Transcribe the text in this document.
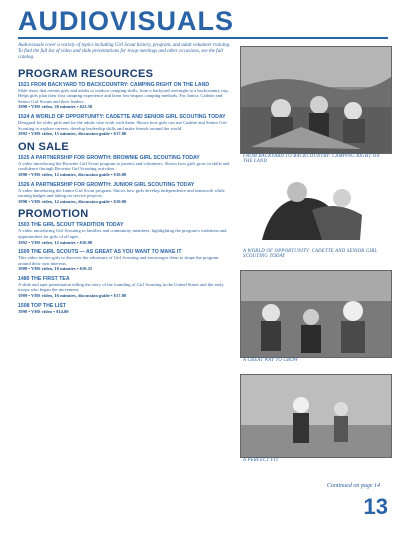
AUDIOVISUALS

Audiovisuals cover a variety of topics including Girl Scout history, program, and adult volunteer training. To find the full list of video and slide presentations for troop meetings and other occasions, see the full catalog.

PROGRAM RESOURCES
1521 FROM BACKYARD TO BACKCOUNTRY: CAMPING RIGHT ON THE LAND
Slide show that orients girls and adults to outdoor camping skills, from a backyard overnight to a backcountry trip. Helps girls plan their first camping experience and learn low-impact camping methods. For Junior, Cadette and Senior Girl Scouts and their leaders.
1990 • VHS video, 20 minutes • $22.50
1524 A WORLD OF OPPORTUNITY: CADETTE AND SENIOR GIRL SCOUTING TODAY
Designed for older girls and for the adults who work with them. Shows how girls can use Cadette and Senior Girl Scouting to explore careers, develop leadership skills and make friends around the world.
1992 • VHS video, 15 minutes, discussion guide • $17.00
ON SALE
1525 A PARTNERSHIP FOR GROWTH: BROWNIE GIRL SCOUTING TODAY
A video introducing the Brownie Girl Scout program to parents and volunteers. Shows how girls grow in skills and confidence through Brownie Girl Scouting activities.
1990 • VHS video, 12 minutes, discussion guide • $10.00
1526 A PARTNERSHIP FOR GROWTH: JUNIOR GIRL SCOUTING TODAY
A video introducing the Junior Girl Scout program. Shows how girls develop independence and teamwork while earning badges and taking on service projects.
1990 • VHS video, 12 minutes, discussion guide • $10.00
PROMOTION
1503 THE GIRL SCOUT TRADITION TODAY
A video introducing Girl Scouting to families and community members, highlighting the program's traditions and opportunities for girls of all ages.
1992 • VHS video, 12 minutes • $10.00
1509 THE GIRL SCOUTS — AS GREAT AS YOU WANT TO MAKE IT
This video invites girls to discover the adventure of Girl Scouting and encourages them to shape the program around their own interests.
1989 • VHS video, 10 minutes • $10.25
1480 THE FIRST TEA
A slide and tape presentation telling the story of the founding of Girl Scouting in the United States and the early troops who began the movement.
1989 • VHS video, 16 minutes, discussion guide • $17.00
1508 TOP THE LIST
1990 • VHS video • $14.00
FROM BACKYARD TO BACKCOUNTRY: CAMPING RIGHT ON THE LAND
A WORLD OF OPPORTUNITY: CADETTE AND SENIOR GIRL SCOUTING TODAY
A GREAT WAY TO GROW
A PERFECT FIT
Continued on page 14
13
